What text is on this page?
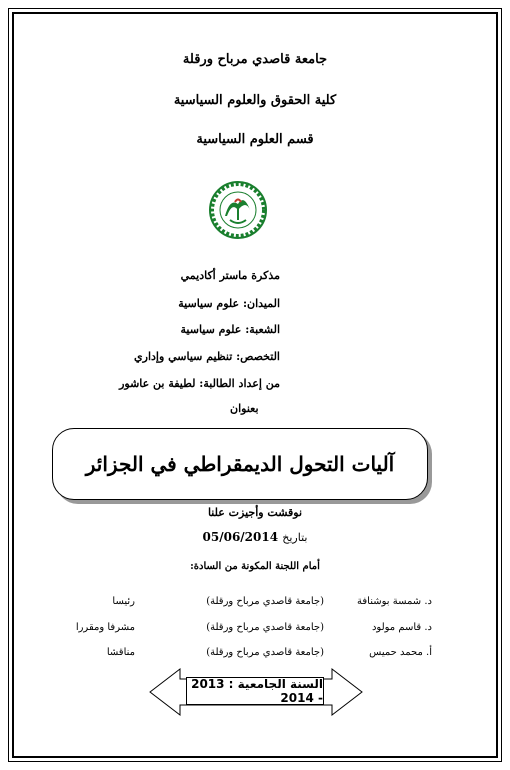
جامعة قاصدي مرباح ورقلة
كلية الحقوق والعلوم السياسية
قسم العلوم السياسية
مذكرة ماستر أكاديمي
الميدان: علوم سياسية
الشعبة: علوم سياسية
التخصص: تنظيم سياسي وإداري
من إعداد الطالبة: لطيفة بن عاشور
بعنوان
آليات التحول الديمقراطي في الجزائر
نوقشت وأجيزت علنا
بتاريخ 05/06/2014
أمام اللجنة المكونة من السادة:
د. شمسة بوشنافة
(جامعة قاصدي مرباح ورقلة)
رئيسا
د. قاسم مولود
(جامعة قاصدي مرباح ورقلة)
مشرفا ومقررا
أ. محمد حميس
(جامعة قاصدي مرباح ورقلة)
مناقشا
السنة الجامعية : 2013 - 2014
